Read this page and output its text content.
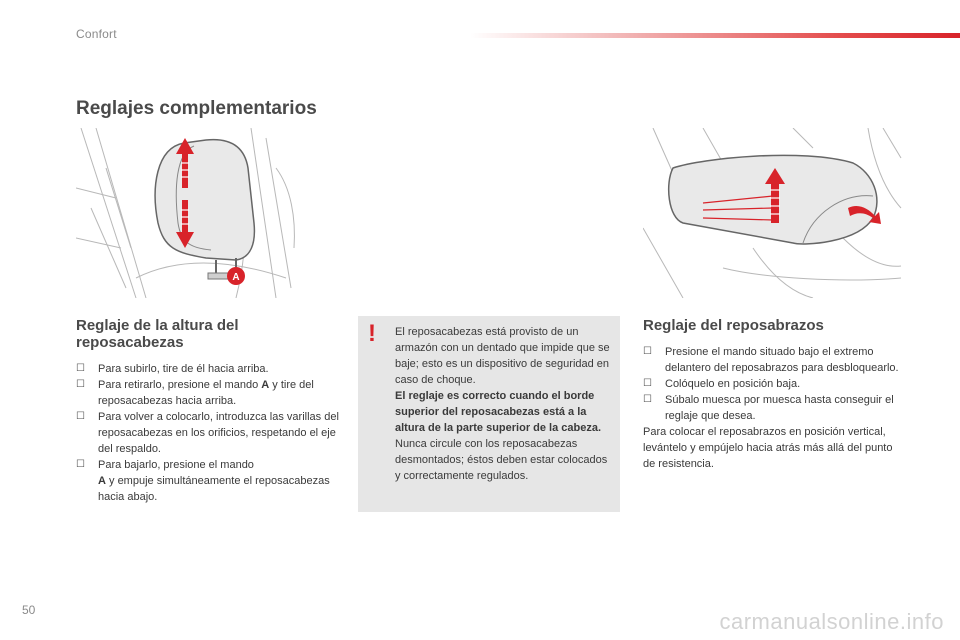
Confort
Reglajes complementarios
A
Reglaje de la altura del reposacabezas
☐ Para subirlo, tire de él hacia arriba.
☐ Para retirarlo, presione el mando A y tire del reposacabezas hacia arriba.
☐ Para volver a colocarlo, introduzca las varillas del reposacabezas en los orificios, respetando el eje del respaldo.
☐ Para bajarlo, presione el mando
A y empuje simultáneamente el reposacabezas hacia abajo.
! El reposacabezas está provisto de un armazón con un dentado que impide que se baje; esto es un dispositivo de seguridad en caso de choque.

El reglaje es correcto cuando el borde superior del reposacabezas está a la altura de la parte superior de la cabeza.

Nunca circule con los reposacabezas desmontados; éstos deben estar colocados y correctamente regulados.

Reglaje del reposabrazos
☐ Presione el mando situado bajo el extremo delantero del reposabrazos para desbloquearlo.
☐ Colóquelo en posición baja.
☐ Súbalo muesca por muesca hasta conseguir el reglaje que desea.

Para colocar el reposabrazos en posición vertical, levántelo y empújelo hacia atrás más allá del punto de resistencia.

50	carmanualsonline.info
